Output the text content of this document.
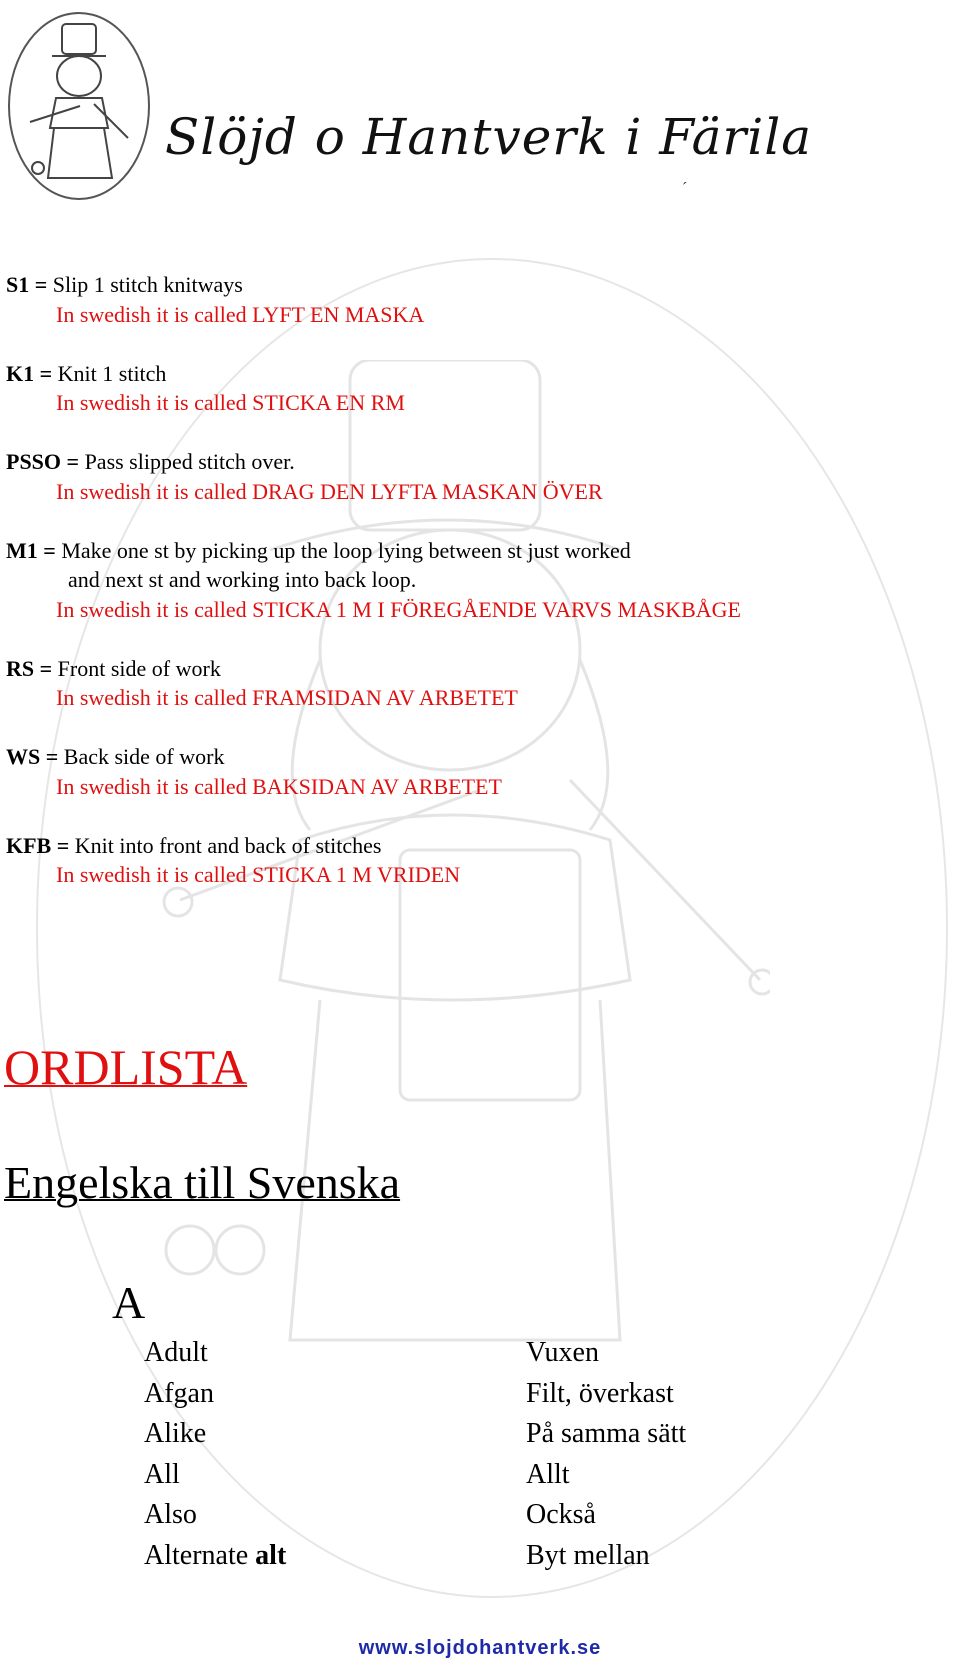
Slöjd o Hantverk i Färila
´
S1 = Slip 1 stitch knitways
In swedish it is called LYFT EN MASKA
K1 = Knit 1 stitch
In swedish it is called STICKA EN RM
PSSO = Pass slipped stitch over.
In swedish it is called DRAG DEN LYFTA MASKAN ÖVER
M1 = Make one st by picking up the loop lying between st just worked
and next st and working into back loop.
In swedish it is called STICKA 1 M I FÖREGÅENDE VARVS MASKBÅGE
RS = Front side of work
In swedish it is called FRAMSIDAN AV ARBETET
WS = Back side of work
In swedish it is called BAKSIDAN AV ARBETET
KFB = Knit into front and back of stitches
In swedish it is called STICKA 1 M VRIDEN
ORDLISTA
Engelska till Svenska
A
Adult	Vuxen
Afgan	Filt, överkast
Alike	På samma sätt
All	Allt
Also	Också
Alternate alt	Byt mellan
www.slojdohantverk.se
